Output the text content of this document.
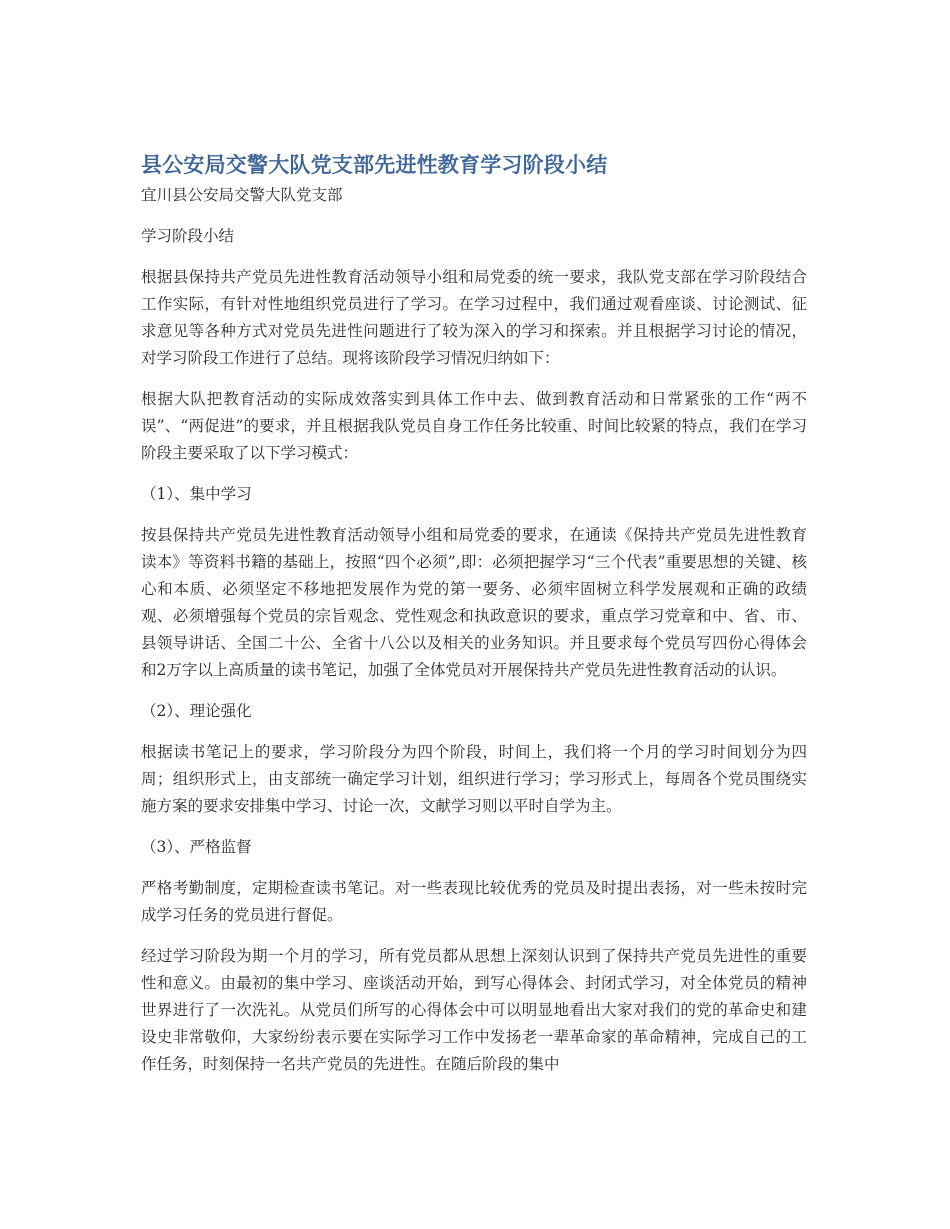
县公安局交警大队党支部先进性教育学习阶段小结

宜川县公安局交警大队党支部

学习阶段小结

根据县保持共产党员先进性教育活动领导小组和局党委的统一要求，我队党支部在学习阶段结合工作实际，有针对性地组织党员进行了学习。在学习过程中，我们通过观看座谈、讨论测试、征求意见等各种方式对党员先进性问题进行了较为深入的学习和探索。并且根据学习讨论的情况，对学习阶段工作进行了总结。现将该阶段学习情况归纳如下：

根据大队把教育活动的实际成效落实到具体工作中去、做到教育活动和日常紧张的工作“两不误”、“两促进”的要求，并且根据我队党员自身工作任务比较重、时间比较紧的特点，我们在学习阶段主要采取了以下学习模式：

（1）、集中学习

按县保持共产党员先进性教育活动领导小组和局党委的要求，在通读《保持共产党员先进性教育读本》等资料书籍的基础上，按照“四个必须”,即：必须把握学习“三个代表”重要思想的关键、核心和本质、必须坚定不移地把发展作为党的第一要务、必须牢固树立科学发展观和正确的政绩观、必须增强每个党员的宗旨观念、党性观念和执政意识的要求，重点学习党章和中、省、市、县领导讲话、全国二十公、全省十八公以及相关的业务知识。并且要求每个党员写四份心得体会和2万字以上高质量的读书笔记，加强了全体党员对开展保持共产党员先进性教育活动的认识。

（2）、理论强化

根据读书笔记上的要求，学习阶段分为四个阶段，时间上，我们将一个月的学习时间划分为四周；组织形式上，由支部统一确定学习计划，组织进行学习；学习形式上，每周各个党员围绕实施方案的要求安排集中学习、讨论一次，文献学习则以平时自学为主。

（3）、严格监督

严格考勤制度，定期检查读书笔记。对一些表现比较优秀的党员及时提出表扬，对一些未按时完成学习任务的党员进行督促。

经过学习阶段为期一个月的学习，所有党员都从思想上深刻认识到了保持共产党员先进性的重要性和意义。由最初的集中学习、座谈活动开始，到写心得体会、封闭式学习，对全体党员的精神世界进行了一次洗礼。从党员们所写的心得体会中可以明显地看出大家对我们的党的革命史和建设史非常敬仰，大家纷纷表示要在实际学习工作中发扬老一辈革命家的革命精神，完成自己的工作任务，时刻保持一名共产党员的先进性。在随后阶段的集中
